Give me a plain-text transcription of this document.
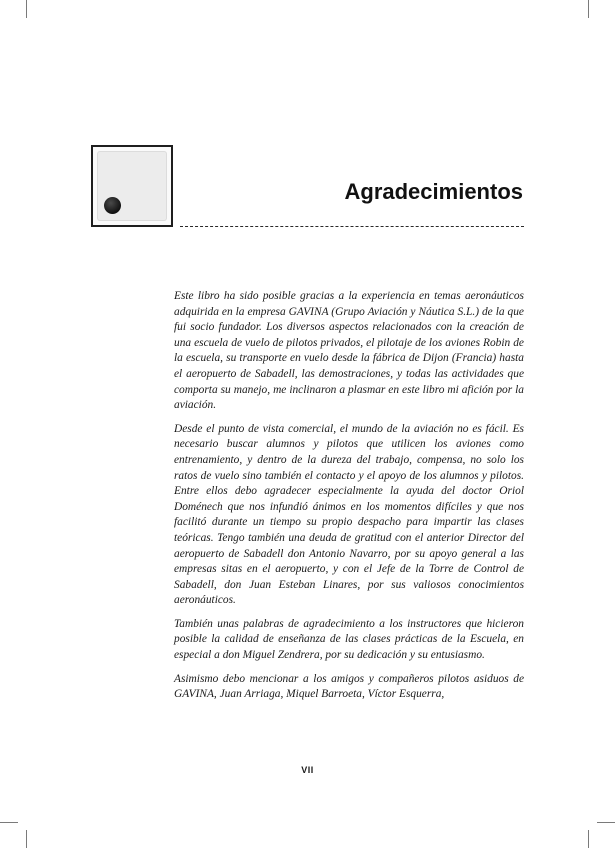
Agradecimientos

Este libro ha sido posible gracias a la experiencia en temas aeronáuticos adquirida en la empresa GAVINA (Grupo Aviación y Náutica S.L.) de la que fui socio fundador. Los diversos aspectos relacionados con la creación de una escuela de vuelo de pilotos privados, el pilotaje de los aviones Robin de la escuela, su transporte en vuelo desde la fábrica de Dijon (Francia) hasta el aeropuerto de Sabadell, las demostraciones, y todas las actividades que comporta su manejo, me inclinaron a plasmar en este libro mi afición por la aviación.

Desde el punto de vista comercial, el mundo de la aviación no es fácil. Es necesario buscar alumnos y pilotos que utilicen los aviones como entrenamiento, y dentro de la dureza del trabajo, compensa, no solo los ratos de vuelo sino también el contacto y el apoyo de los alumnos y pilotos. Entre ellos debo agradecer especialmente la ayuda del doctor Oriol Doménech que nos infundió ánimos en los momentos difíciles y que nos facilitó durante un tiempo su propio despacho para impartir las clases teóricas. Tengo también una deuda de gratitud con el anterior Director del aeropuerto de Sabadell don Antonio Navarro, por su apoyo general a las empresas sitas en el aeropuerto, y con el Jefe de la Torre de Control de Sabadell, don Juan Esteban Linares, por sus valiosos conocimientos aeronáuticos.

También unas palabras de agradecimiento a los instructores que hicieron posible la calidad de enseñanza de las clases prácticas de la Escuela, en especial a don Miguel Zendrera, por su dedicación y su entusiasmo.

Asimismo debo mencionar a los amigos y compañeros pilotos asiduos de GAVINA, Juan Arriaga, Miquel Barroeta, Víctor Esquerra,

VII
